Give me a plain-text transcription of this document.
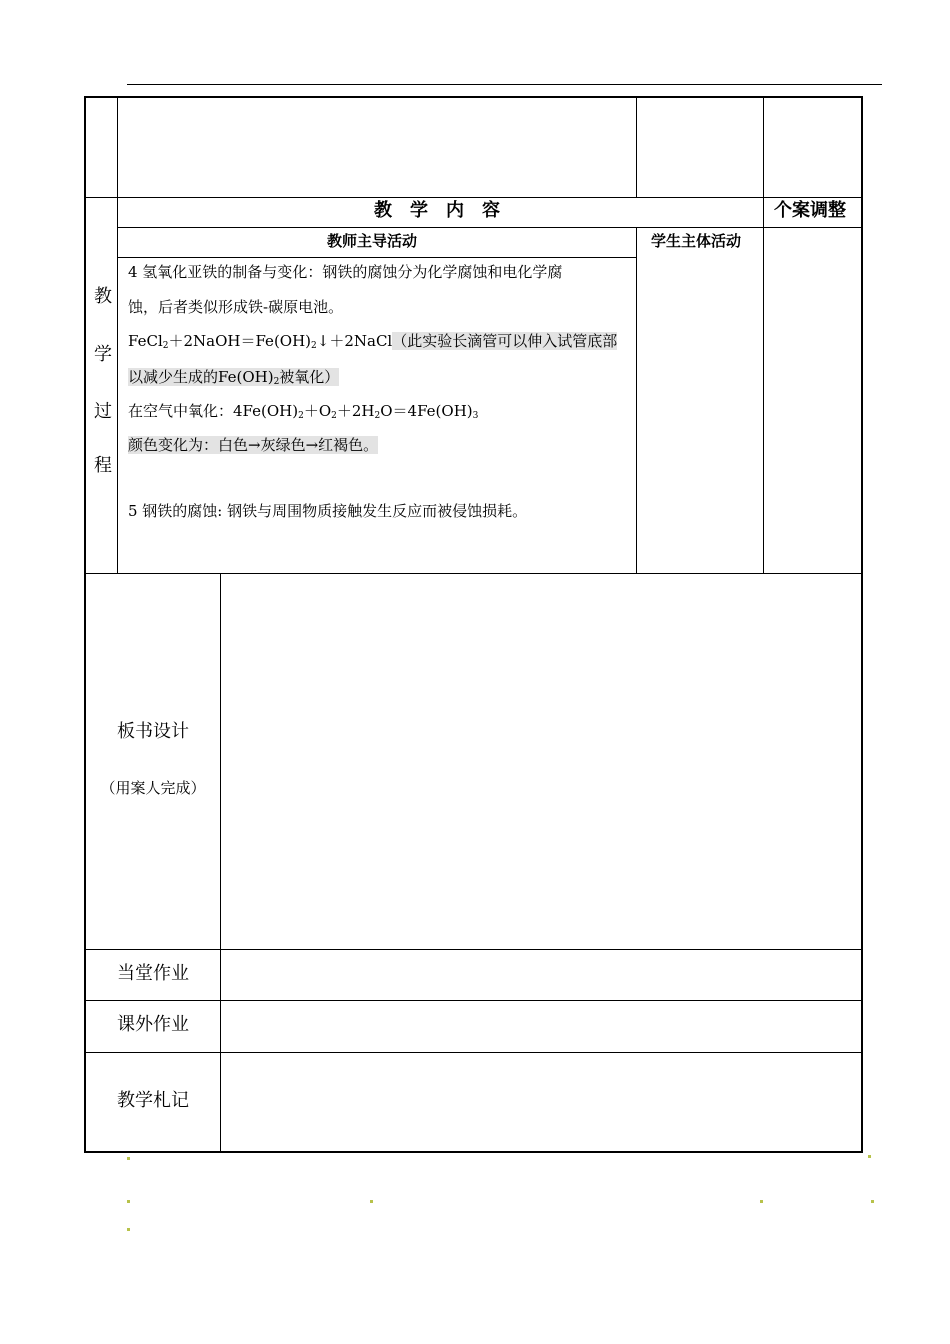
教　学　内　容	个案调整
教师主导活动	学生主体活动
教
学
过
程
4 氢氧化亚铁的制备与变化：钢铁的腐蚀分为化学腐蚀和电化学腐
蚀，后者类似形成铁-碳原电池。
$FeCl_2+2NaOH=Fe(OH)_2↓+2NaCl$（此实验长滴管可以伸入试管底部
以减少生成的$Fe(OH)_2$被氧化）
在空气中氧化：$4Fe(OH)_2+O_2+2H_2O=4Fe(OH)_3$
颜色变化为：白色→灰绿色→红褐色。
5 钢铁的腐蚀: 钢铁与周围物质接触发生反应而被侵蚀损耗。
板书设计
（用案人完成）
当堂作业
课外作业
教学札记
